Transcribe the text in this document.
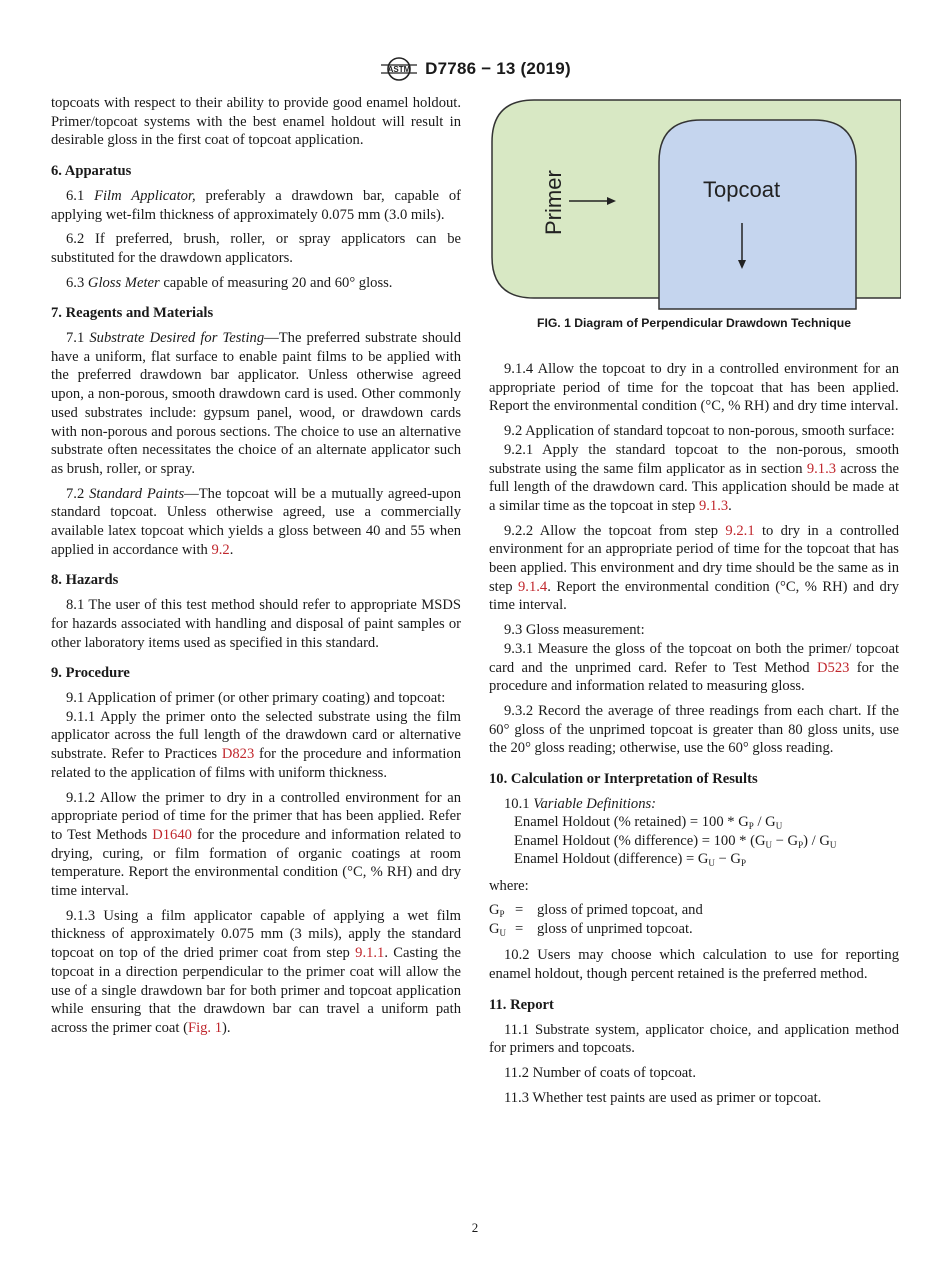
ASTM D7786 − 13 (2019)
Primer	Topcoat
FIG. 1 Diagram of Perpendicular Drawdown Technique

topcoats with respect to their ability to provide good enamel holdout. Primer/topcoat systems with the best enamel holdout will result in desirable gloss in the first coat of topcoat application.

6. Apparatus

6.1 Film Applicator, preferably a drawdown bar, capable of applying wet-film thickness of approximately 0.075 mm (3.0 mils).

6.2 If preferred, brush, roller, or spray applicators can be substituted for the drawdown applicators.

6.3 Gloss Meter capable of measuring 20 and 60° gloss.

7. Reagents and Materials

7.1 Substrate Desired for Testing—The preferred substrate should have a uniform, flat surface to enable paint films to be applied with the preferred drawdown bar applicator. Unless otherwise agreed upon, a non-porous, smooth drawdown card is used. Other commonly used substrates include: gypsum panel, wood, or drawdown cards with non-porous and porous sections. The choice to use an alternative substrate often necessitates the choice of an alternate applicator such as brush, roller, or spray.

7.2 Standard Paints—The topcoat will be a mutually agreed-upon standard topcoat. Unless otherwise agreed, use a commercially available latex topcoat which yields a gloss between 40 and 55 when applied in accordance with 9.2.

8. Hazards

8.1 The user of this test method should refer to appropriate MSDS for hazards associated with handling and disposal of paint samples or other laboratory items used as specified in this standard.

9. Procedure

9.1 Application of primer (or other primary coating) and topcoat:

9.1.1 Apply the primer onto the selected substrate using the film applicator across the full length of the drawdown card or alternative substrate. Refer to Practices D823 for the procedure and information related to the application of films with uniform thickness.

9.1.2 Allow the primer to dry in a controlled environment for an appropriate period of time for the primer that has been applied. Refer to Test Methods D1640 for the procedure and information related to drying, curing, or film formation of organic coatings at room temperature. Report the environmental condition (°C, % RH) and dry time interval.

9.1.3 Using a film applicator capable of applying a wet film thickness of approximately 0.075 mm (3 mils), apply the standard topcoat on top of the dried primer coat from step 9.1.1. Casting the topcoat in a direction perpendicular to the primer coat will allow the use of a single drawdown bar for both primer and topcoat application while ensuring that the drawdown bar can travel a uniform path across the primer coat (Fig. 1).

9.1.4 Allow the topcoat to dry in a controlled environment for an appropriate period of time for the topcoat that has been applied. Report the environmental condition (°C, % RH) and dry time interval.

9.2 Application of standard topcoat to non-porous, smooth surface:

9.2.1 Apply the standard topcoat to the non-porous, smooth substrate using the same film applicator as in section 9.1.3 across the full length of the drawdown card. This application should be made at a similar time as the topcoat in step 9.1.3.

9.2.2 Allow the topcoat from step 9.2.1 to dry in a controlled environment for an appropriate period of time for the topcoat that has been applied. This environment and dry time should be the same as in step 9.1.4. Report the environmental condition (°C, % RH) and dry time interval.

9.3 Gloss measurement:

9.3.1 Measure the gloss of the topcoat on both the primer/ topcoat card and the unprimed card. Refer to Test Method D523 for the procedure and information related to measuring gloss.

9.3.2 Record the average of three readings from each chart. If the 60° gloss of the unprimed topcoat is greater than 80 gloss units, use the 20° gloss reading; otherwise, use the 60° gloss reading.

10. Calculation or Interpretation of Results
10.1 Variable Definitions:
Enamel Holdout (% retained) = $100 * G_P / G_U$
Enamel Holdout (% difference) = $100 * (G_U - G_P) / G_U$
Enamel Holdout (difference) = $G_U - G_P$

where:

$G_P$ = gloss of primed topcoat, and
$G_U$ = gloss of unprimed topcoat.

10.2 Users may choose which calculation to use for reporting enamel holdout, though percent retained is the preferred method.

11. Report

11.1 Substrate system, applicator choice, and application method for primers and topcoats.

11.2 Number of coats of topcoat.

11.3 Whether test paints are used as primer or topcoat.

2
